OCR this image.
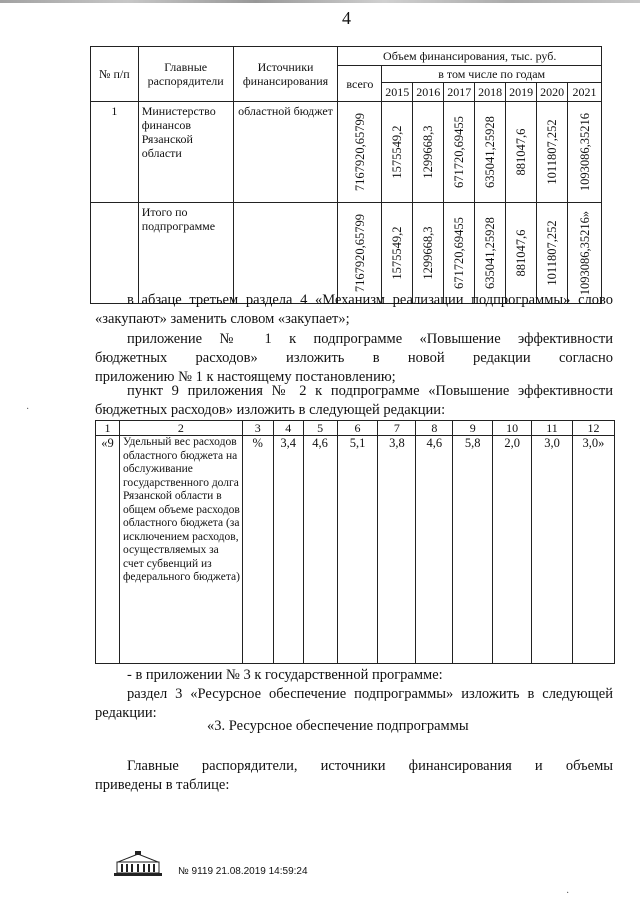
4
№ п/п	Главные распорядители	Источники финансирования	Объем финансирования, тыс. руб.							
			всего	в том числе по годам						
				2015	2016	2017	2018	2019	2020	2021
1	Министерство финансов Рязанской области	областной бюджет	7167920,65799	1575549,2	1299668,3	671720,69455	635041,25928	881047,6	1011807,252	1093086,35216

	Итого по подпрограмме		7167920,65799	1575549,2	1299668,3	671720,69455	635041,25928	881047,6	1011807,252	1093086,35216»
в абзаце третьем раздела 4 «Механизм реализации подпрограммы» слово
«закупают» заменить словом «закупает»;
приложение № 1 к подпрограмме «Повышение эффективности
бюджетных расходов» изложить в новой редакции согласно
приложению № 1 к настоящему постановлению;
пункт 9 приложения № 2 к подпрограмме «Повышение эффективности
бюджетных расходов» изложить в следующей редакции:
1	2	3	4	5	6	7	8	9	10	11	12
«9	Удельный вес расходов областного бюджета на обслуживание государственного долга Рязанской области в общем объеме расходов областного бюджета (за исключением расходов, осуществляемых за счет субвенций из федерального бюджета)	%	3,4	4,6	5,1	3,8	4,6	5,8	2,0	3,0	3,0»
- в приложении № 3 к государственной программе:
раздел 3 «Ресурсное обеспечение подпрограммы» изложить в следующей
редакции:
«3. Ресурсное обеспечение подпрограммы
Главные распорядители, источники финансирования и объемы
приведены в таблице:
№ 9119 21.08.2019 14:59:24
·
·
